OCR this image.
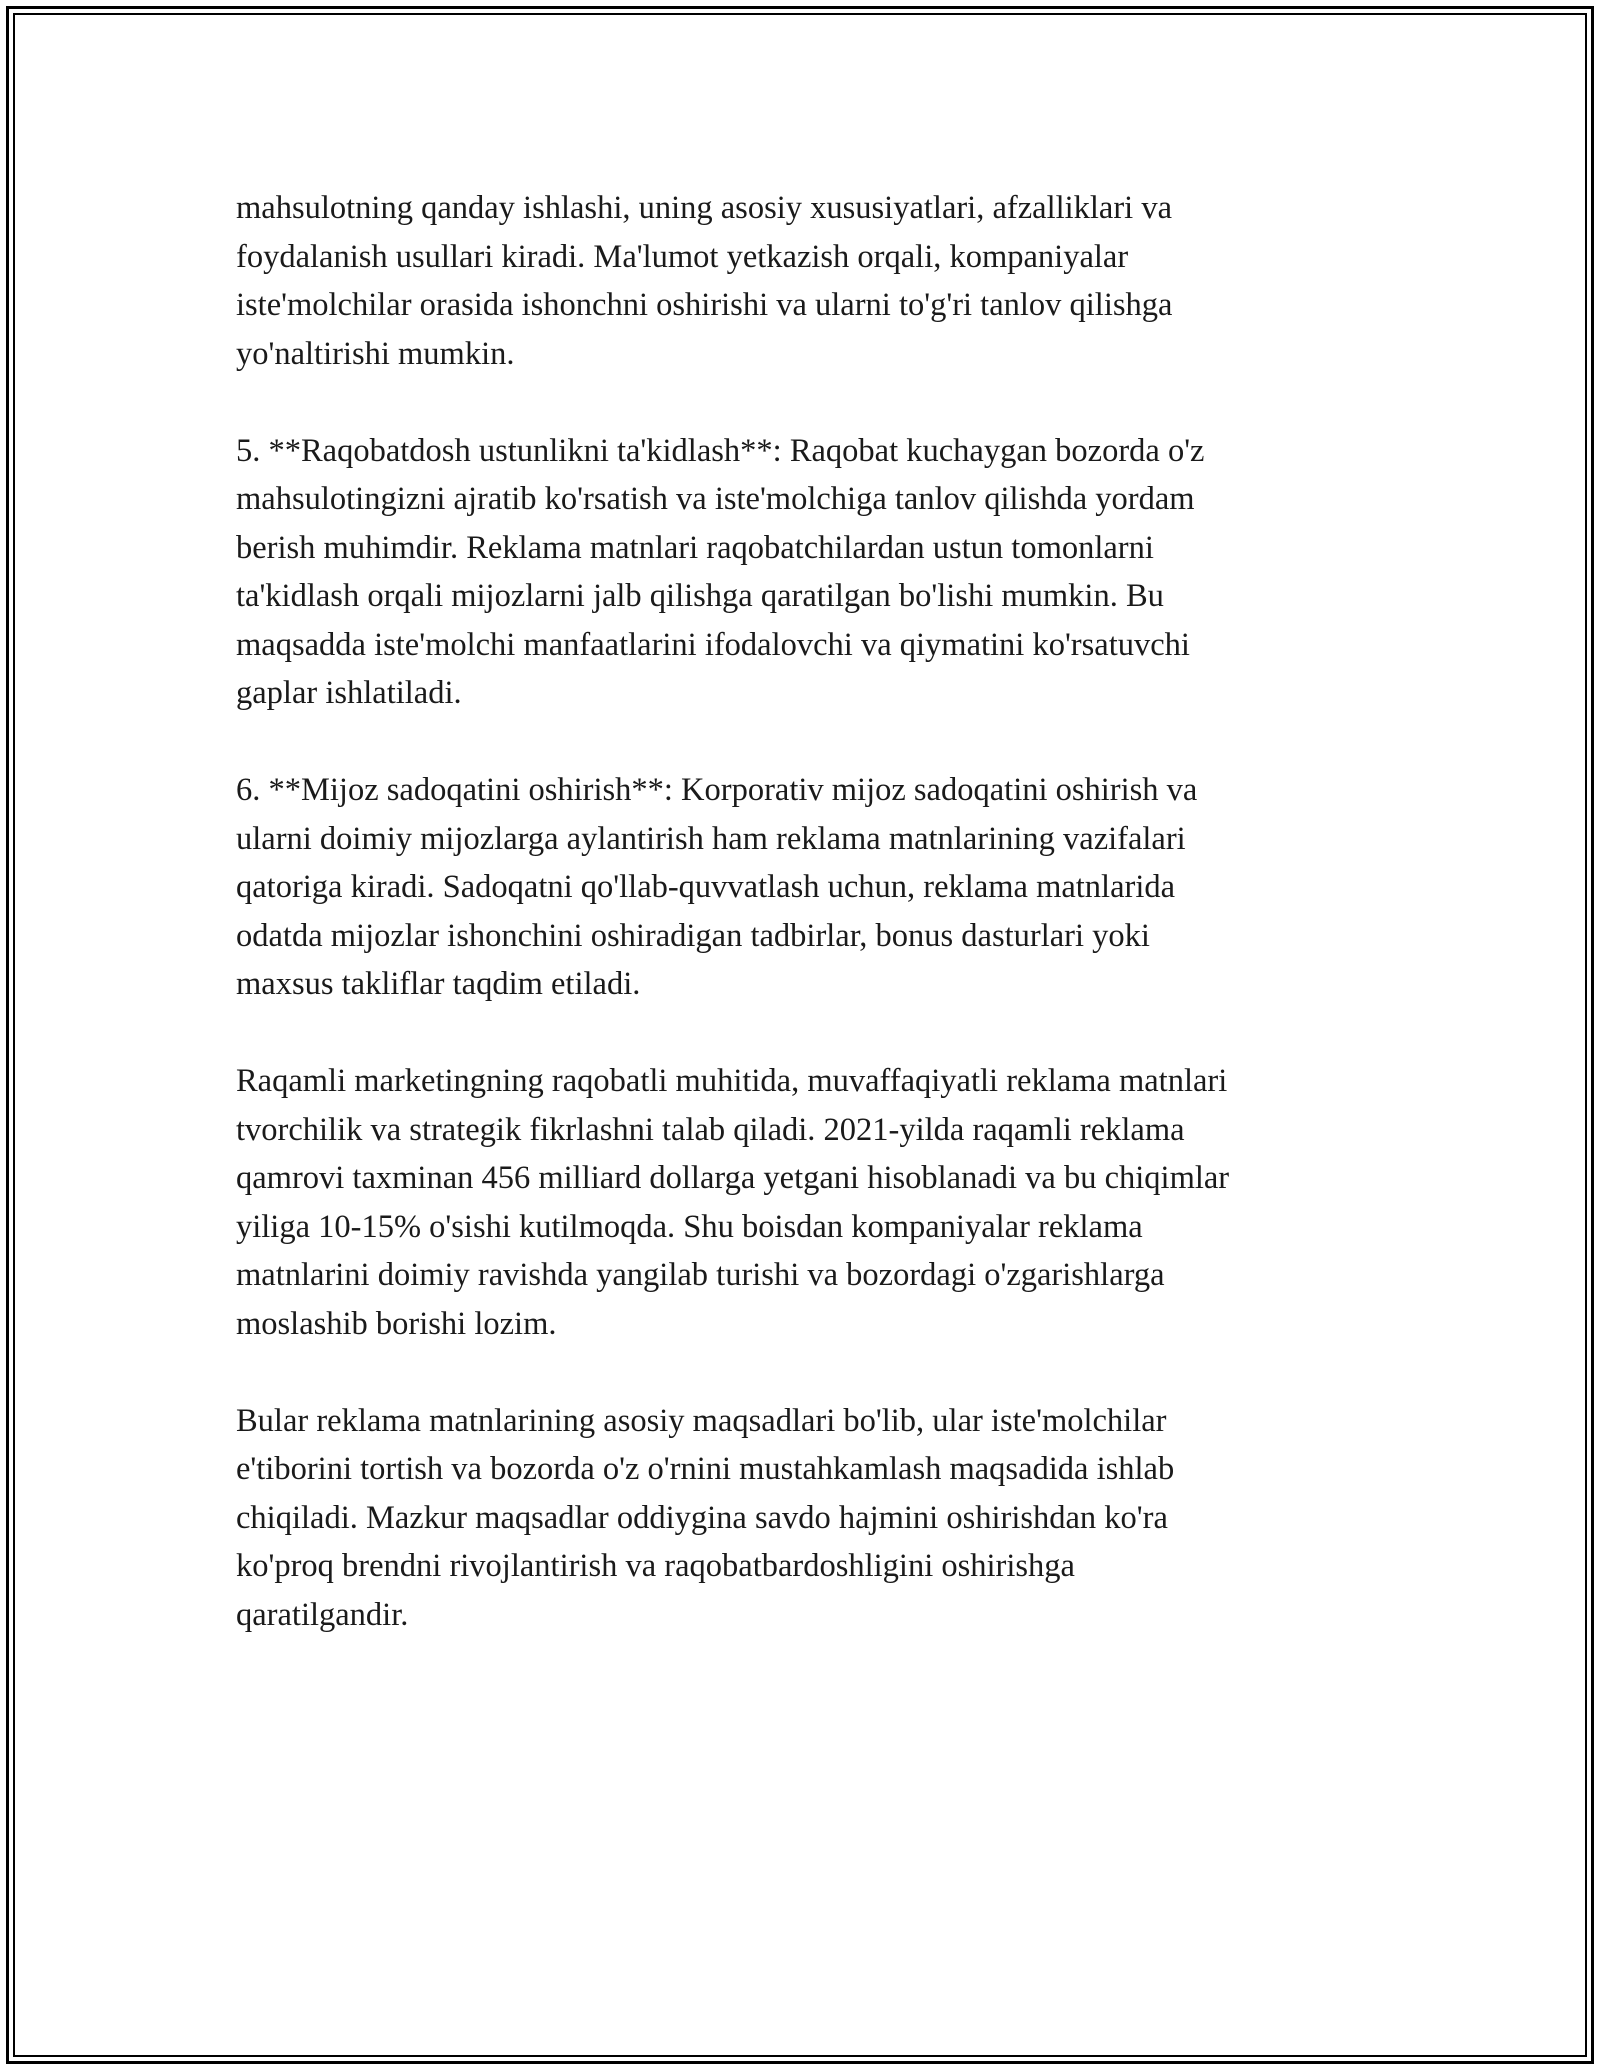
mahsulotning qanday ishlashi, uning asosiy xususiyatlari, afzalliklari va
foydalanish usullari kiradi. Ma'lumot yetkazish orqali, kompaniyalar
iste'molchilar orasida ishonchni oshirishi va ularni to'g'ri tanlov qilishga
yo'naltirishi mumkin.

5. **Raqobatdosh ustunlikni ta'kidlash**: Raqobat kuchaygan bozorda o'z
mahsulotingizni ajratib ko'rsatish va iste'molchiga tanlov qilishda yordam
berish muhimdir. Reklama matnlari raqobatchilardan ustun tomonlarni
ta'kidlash orqali mijozlarni jalb qilishga qaratilgan bo'lishi mumkin. Bu
maqsadda iste'molchi manfaatlarini ifodalovchi va qiymatini ko'rsatuvchi
gaplar ishlatiladi.

6. **Mijoz sadoqatini oshirish**: Korporativ mijoz sadoqatini oshirish va
ularni doimiy mijozlarga aylantirish ham reklama matnlarining vazifalari
qatoriga kiradi. Sadoqatni qo'llab-quvvatlash uchun, reklama matnlarida
odatda mijozlar ishonchini oshiradigan tadbirlar, bonus dasturlari yoki
maxsus takliflar taqdim etiladi.

Raqamli marketingning raqobatli muhitida, muvaffaqiyatli reklama matnlari
tvorchilik va strategik fikrlashni talab qiladi. 2021-yilda raqamli reklama
qamrovi taxminan 456 milliard dollarga yetgani hisoblanadi va bu chiqimlar
yiliga 10-15% o'sishi kutilmoqda. Shu boisdan kompaniyalar reklama
matnlarini doimiy ravishda yangilab turishi va bozordagi o'zgarishlarga
moslashib borishi lozim.

Bular reklama matnlarining asosiy maqsadlari bo'lib, ular iste'molchilar
e'tiborini tortish va bozorda o'z o'rnini mustahkamlash maqsadida ishlab
chiqiladi. Mazkur maqsadlar oddiygina savdo hajmini oshirishdan ko'ra
ko'proq brendni rivojlantirish va raqobatbardoshligini oshirishga
qaratilgandir.
